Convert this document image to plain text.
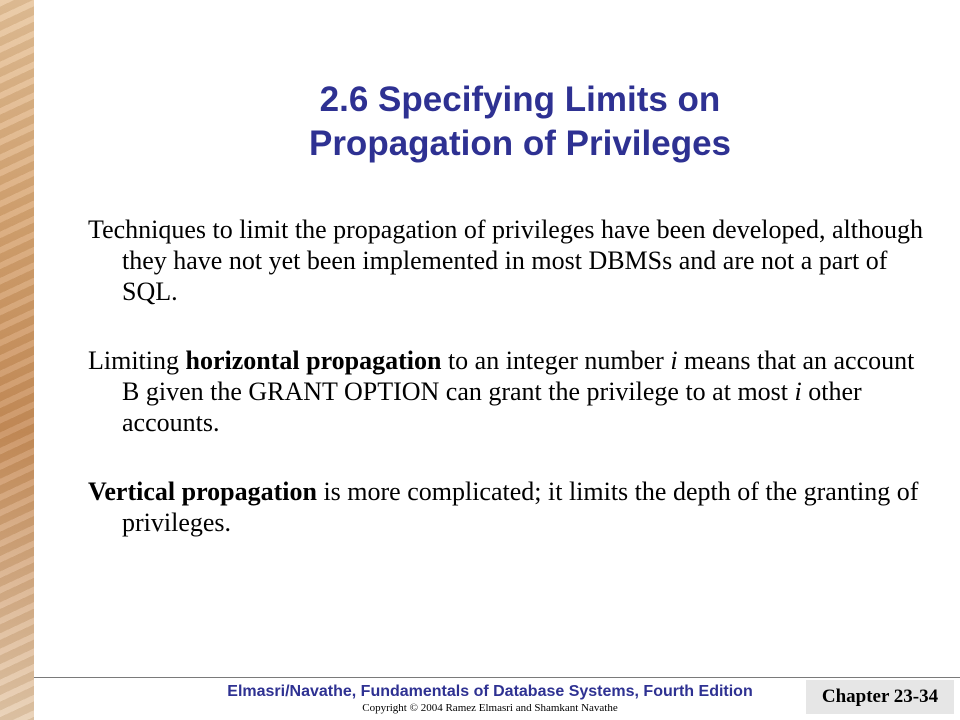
2.6 Specifying Limits on
Propagation of Privileges

Techniques to limit the propagation of privileges have been developed, although they have not yet been implemented in most DBMSs and are not a part of SQL.

Limiting horizontal propagation to an integer number i means that an account B given the GRANT OPTION can grant the privilege to at most i other accounts.

Vertical propagation is more complicated; it limits the depth of the granting of privileges.

Elmasri/Navathe, Fundamentals of Database Systems, Fourth Edition
Copyright © 2004 Ramez Elmasri and Shamkant Navathe
Chapter 23-34
